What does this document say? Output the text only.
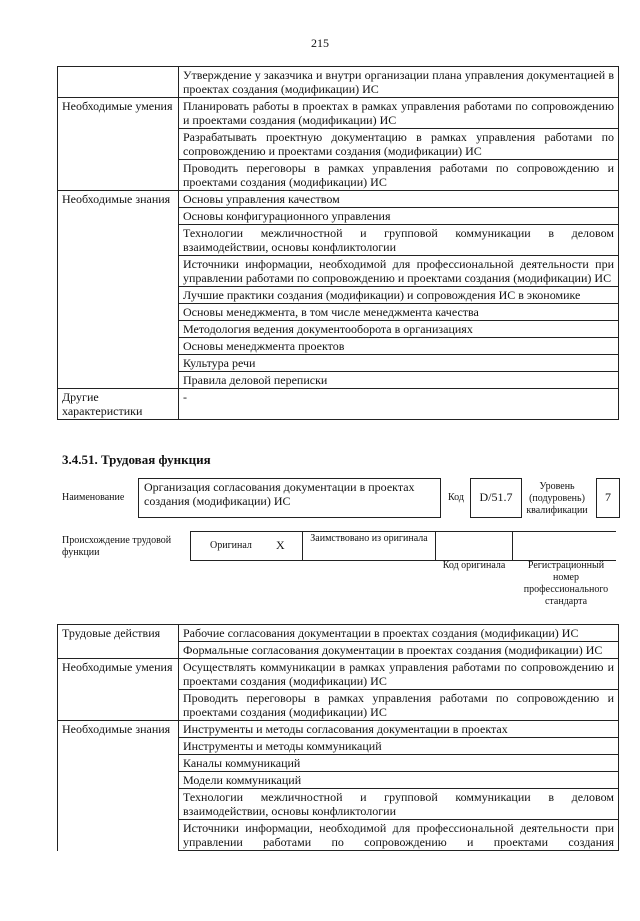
215
	Утверждение у заказчика и внутри организации плана управления документацией в проектах создания (модификации) ИС
Необходимые умения	Планировать работы в проектах в рамках управления работами по сопровождению и проектами создания (модификации) ИС
	Разрабатывать проектную документацию в рамках управления работами по сопровождению и проектами создания (модификации) ИС
	Проводить переговоры в рамках управления работами по сопровождению и проектами создания (модификации) ИС
Необходимые знания	Основы управления качеством
	Основы конфигурационного управления
	Технологии межличностной и групповой коммуникации в деловом взаимодействии, основы конфликтологии
	Источники информации, необходимой для профессиональной деятельности при управлении работами по сопровождению и проектами создания (модификации) ИС
	Лучшие практики создания (модификации) и сопровождения ИС в экономике
	Основы менеджмента, в том числе менеджмента качества
	Методология ведения документооборота в организациях
	Основы менеджмента проектов
	Культура речи
	Правила деловой переписки
Другие характеристики	-
3.4.51. Трудовая функция
Наименование
Организация согласования документации в проектах создания (модификации) ИС	Код	D/51.7
Уровень (подуровень) квалификации
7
Происхождение трудовой функции
Оригинал X	Заимствовано из оригинала
Код оригинала	Регистрационный номер профессионального стандарта
Трудовые действия	Рабочие согласования документации в проектах создания (модификации) ИС
	Формальные согласования документации в проектах создания (модификации) ИС
Необходимые умения	Осуществлять коммуникации в рамках управления работами по сопровождению и проектами создания (модификации) ИС
	Проводить переговоры в рамках управления работами по сопровождению и проектами создания (модификации) ИС
Необходимые знания	Инструменты и методы согласования документации в проектах
	Инструменты и методы коммуникаций
	Каналы коммуникаций
	Модели коммуникаций
	Технологии межличностной и групповой коммуникации в деловом взаимодействии, основы конфликтологии
	Источники информации, необходимой для профессиональной деятельности при управлении работами по сопровождению и проектами создания
